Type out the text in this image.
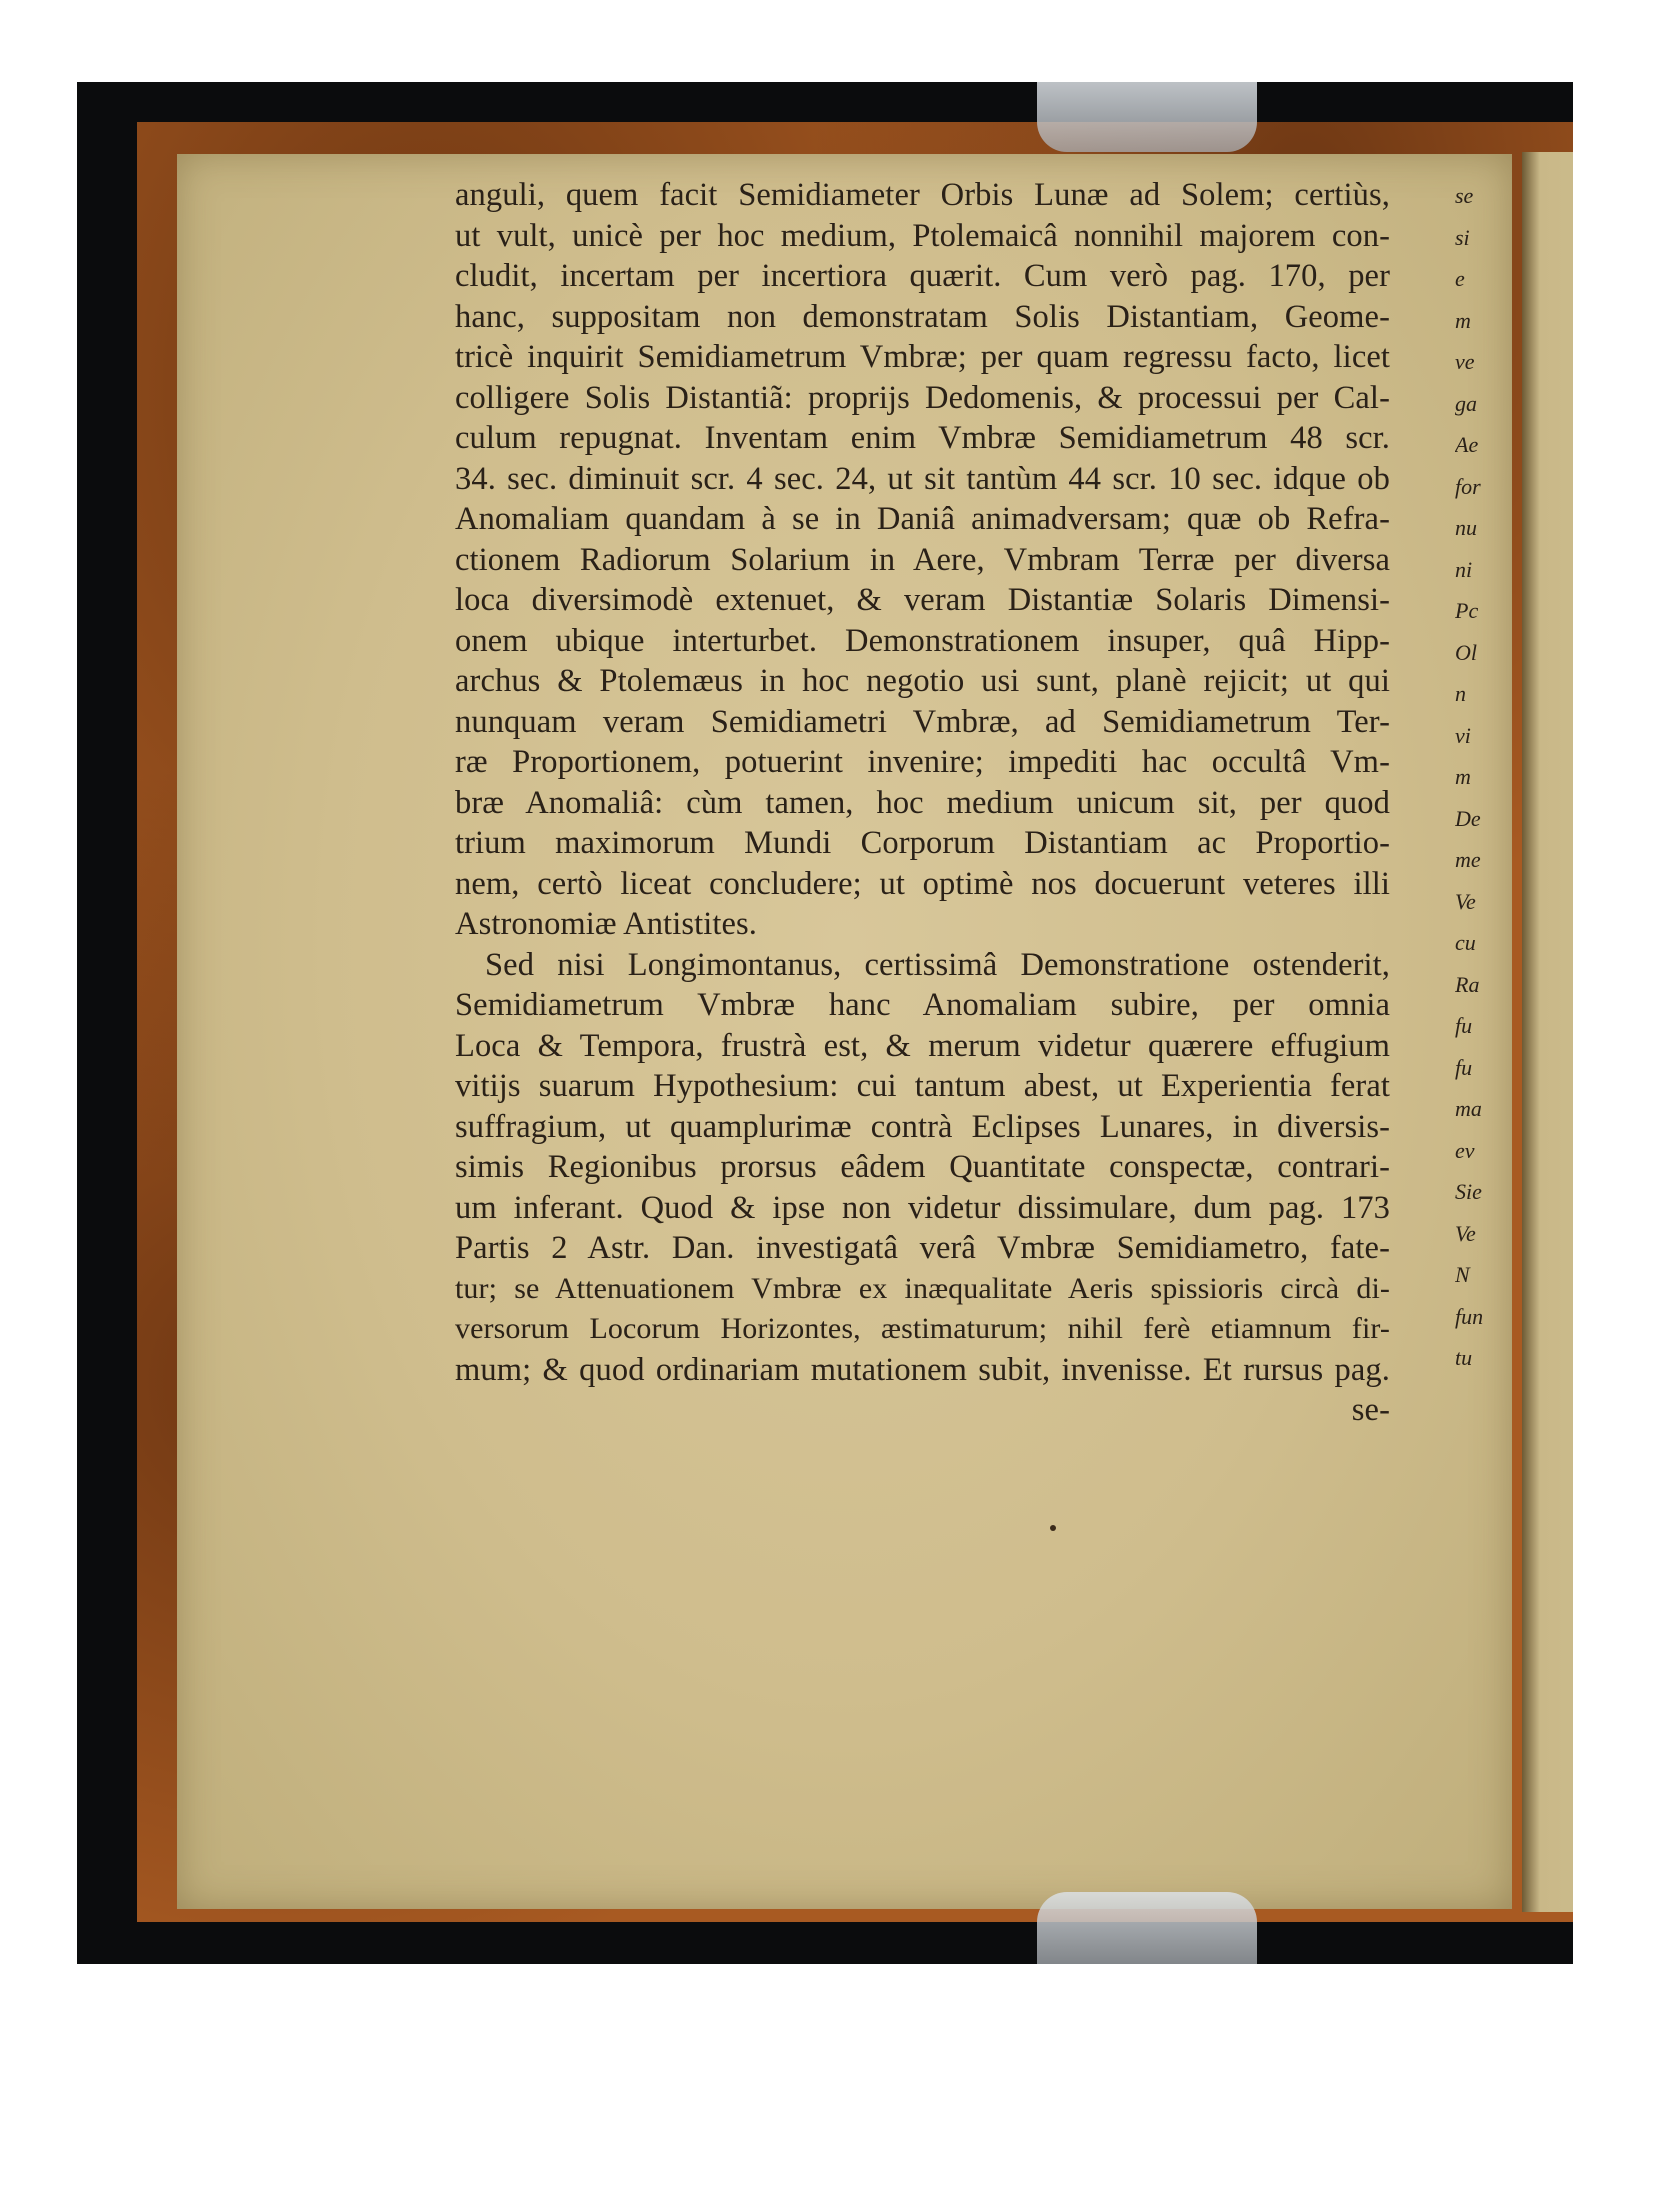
anguli, quem facit Semidiameter Orbis Lunæ ad Solem; certiùs,
ut vult, unicè per hoc medium, Ptolemaicâ nonnihil majorem con-
cludit, incertam per incertiora quærit. Cum verò pag. 170, per
hanc, suppositam non demonstratam Solis Distantiam, Geome-
tricè inquirit Semidiametrum Vmbræ; per quam regressu facto, licet
colligere Solis Distantiã: proprijs Dedomenis, & processui per Cal-
culum repugnat. Inventam enim Vmbræ Semidiametrum 48 scr.
34. sec. diminuit scr. 4 sec. 24, ut sit tantùm 44 scr. 10 sec. idque ob
Anomaliam quandam à se in Daniâ animadversam; quæ ob Refra-
ctionem Radiorum Solarium in Aere, Vmbram Terræ per diversa
loca diversimodè extenuet, & veram Distantiæ Solaris Dimensi-
onem ubique interturbet. Demonstrationem insuper, quâ Hipp-
archus & Ptolemæus in hoc negotio usi sunt, planè rejicit; ut qui
nunquam veram Semidiametri Vmbræ, ad Semidiametrum Ter-
ræ Proportionem, potuerint invenire; impediti hac occultâ Vm-
bræ Anomaliâ: cùm tamen, hoc medium unicum sit, per quod
trium maximorum Mundi Corporum Distantiam ac Proportio-
nem, certò liceat concludere; ut optimè nos docuerunt veteres illi
Astronomiæ Antistites.
Sed nisi Longimontanus, certissimâ Demonstratione ostenderit,
Semidiametrum Vmbræ hanc Anomaliam subire, per omnia
Loca & Tempora, frustrà est, & merum videtur quærere effugium
vitijs suarum Hypothesium: cui tantum abest, ut Experientia ferat
suffragium, ut quamplurimæ contrà Eclipses Lunares, in diversis-
simis Regionibus prorsus eâdem Quantitate conspectæ, contrari-
um inferant. Quod & ipse non videtur dissimulare, dum pag. 173
Partis 2 Astr. Dan. investigatâ verâ Vmbræ Semidiametro, fate-
tur; se Attenuationem Vmbræ ex inæqualitate Aeris spissioris circà di-
versorum Locorum Horizontes, æstimaturum; nihil ferè etiamnum fir-
mum; & quod ordinariam mutationem subit, invenisse. Et rursus pag.
se-
se
si
e
m
ve
ga
Ae
for
nu
ni
Pc
Ol
n
vi
m
De
me
Ve
cu
Ra
fu
fu
ma
ev
Sie
Ve
N
fun
tu
Early European Books, Copyright © 2011 ProQuest LLC.
Images reproduced by courtesy of the Biblioteca Nazionale Centrale di Firenze.
CFMAGL. 1.6.317
